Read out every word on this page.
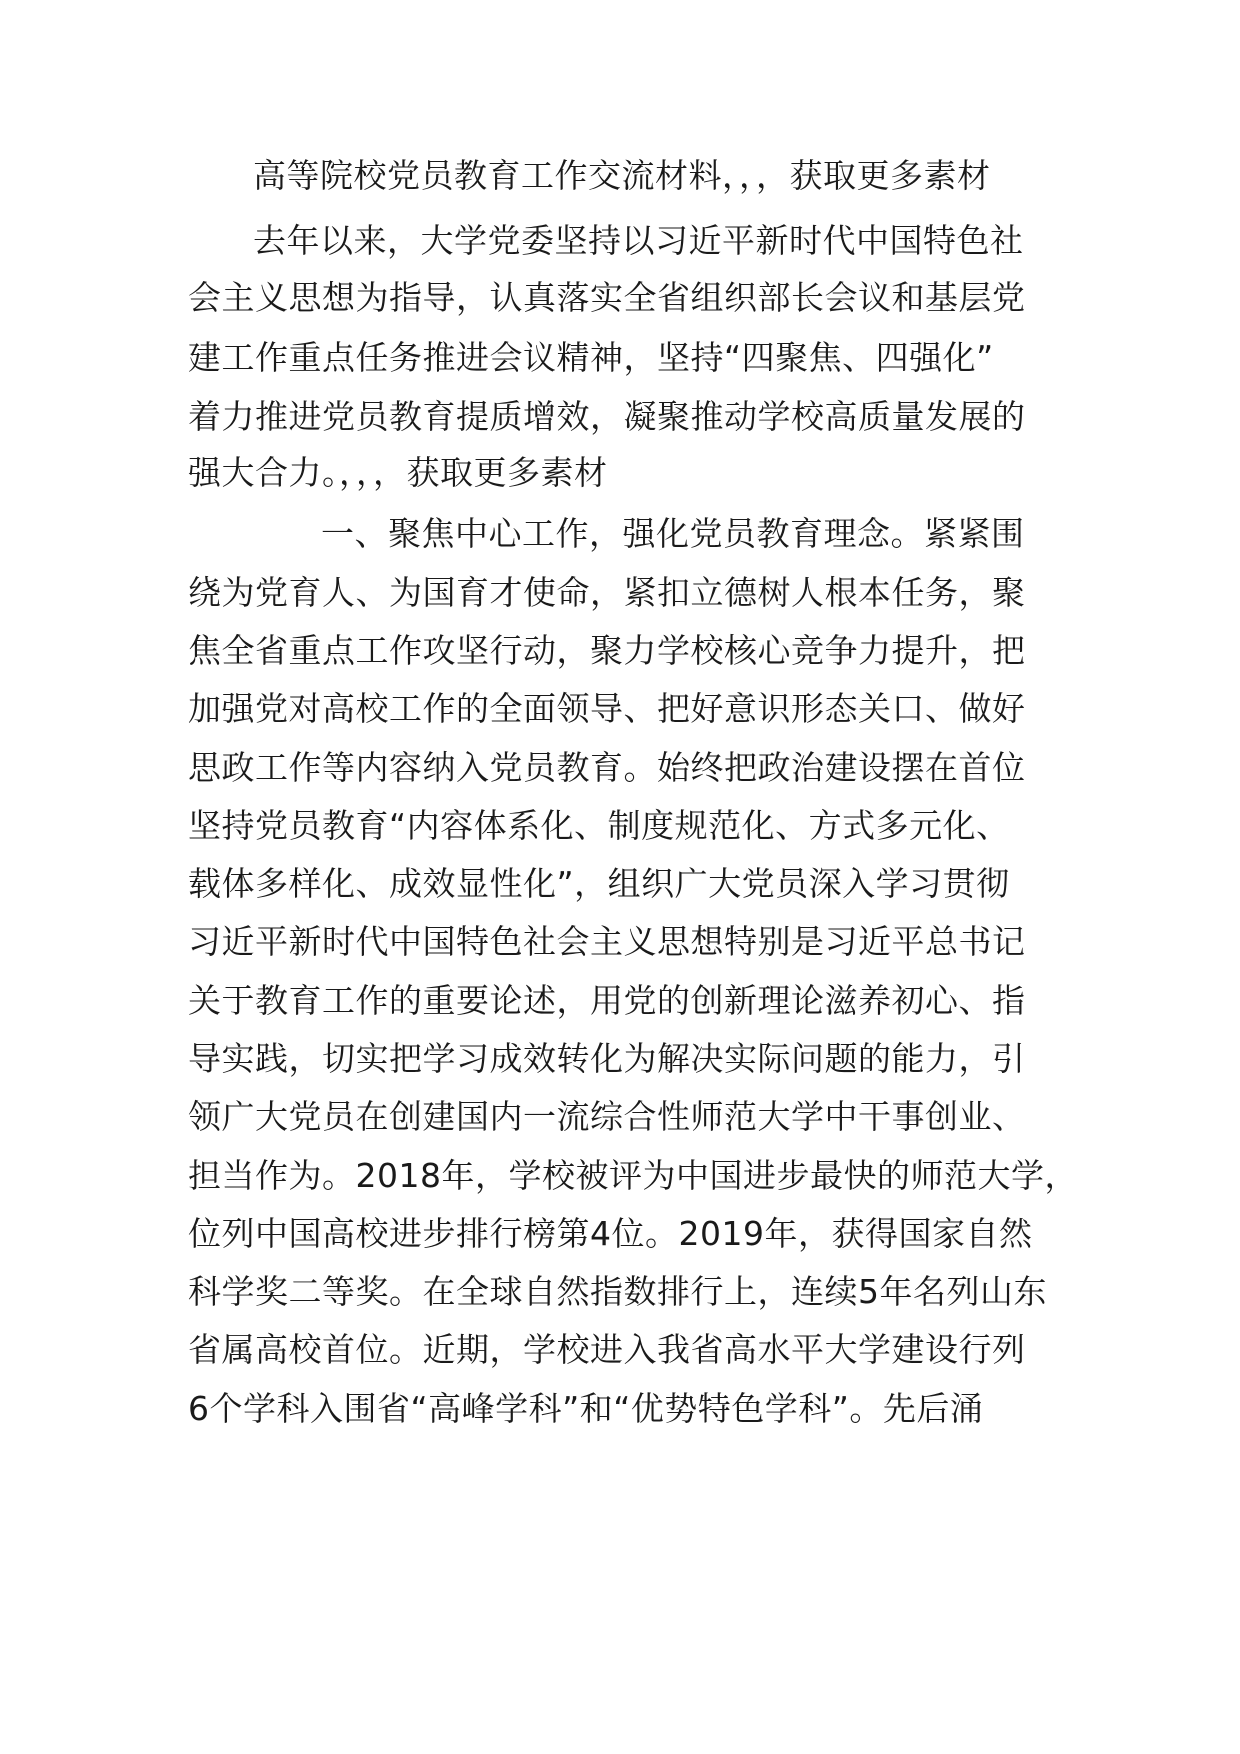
高等院校党员教育工作交流材料，，，获取更多素材
去年以来，大学党委坚持以习近平新时代中国特色社
会主义思想为指导，认真落实全省组织部长会议和基层党
建工作重点任务推进会议精神，坚持“四聚焦、四强化”
着力推进党员教育提质增效，凝聚推动学校高质量发展的
强大合力。，，，获取更多素材
一、聚焦中心工作，强化党员教育理念。紧紧围
绕为党育人、为国育才使命，紧扣立德树人根本任务，聚
焦全省重点工作攻坚行动，聚力学校核心竞争力提升，把
加强党对高校工作的全面领导、把好意识形态关口、做好
思政工作等内容纳入党员教育。始终把政治建设摆在首位
坚持党员教育“内容体系化、制度规范化、方式多元化、
载体多样化、成效显性化”，组织广大党员深入学习贯彻
习近平新时代中国特色社会主义思想特别是习近平总书记
关于教育工作的重要论述，用党的创新理论滋养初心、指
导实践，切实把学习成效转化为解决实际问题的能力，引
领广大党员在创建国内一流综合性师范大学中干事创业、
担当作为。2018年，学校被评为中国进步最快的师范大学，
位列中国高校进步排行榜第4位。2019年，获得国家自然
科学奖二等奖。在全球自然指数排行上，连续5年名列山东
省属高校首位。近期，学校进入我省高水平大学建设行列
6个学科入围省“高峰学科”和“优势特色学科”。先后涌
